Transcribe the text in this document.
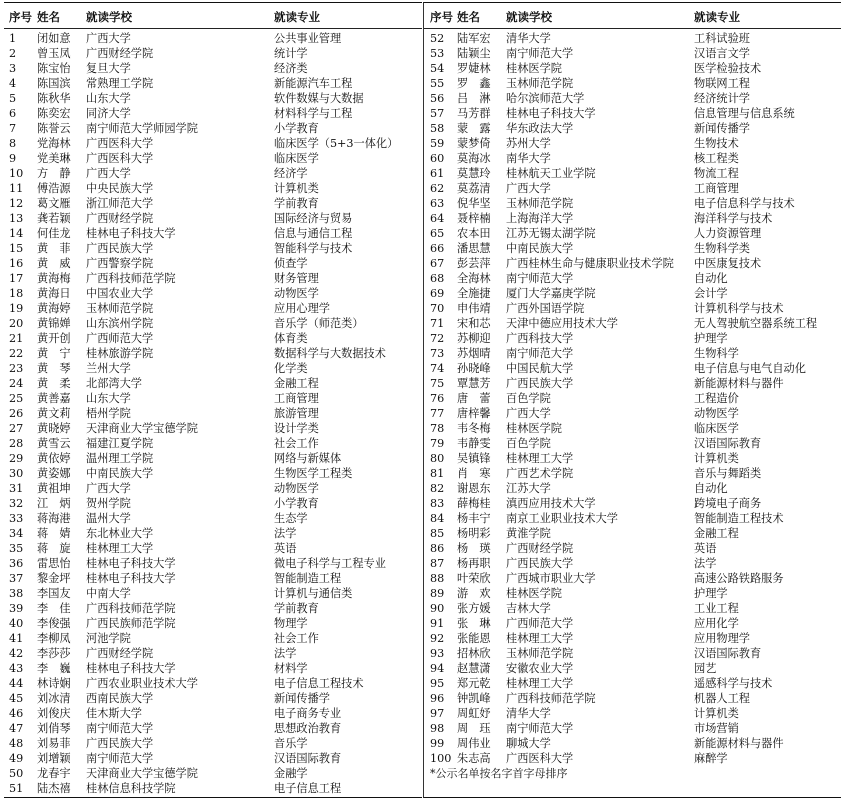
序号 姓名	就读学校	就读专业
1	闭如意	广西大学	公共事业管理
2	曾玉凤	广西财经学院	统计学
3	陈宝怡	复旦大学	经济类
4	陈国滨	常熟理工学院	新能源汽车工程
5	陈秋华	山东大学	软件数媒与大数据
6	陈奕宏	同济大学	材料科学与工程
7	陈誉云	南宁师范大学师园学院	小学教育
8	党海林	广西医科大学	临床医学（5+3一体化）
9	党美琳	广西医科大学	临床医学
10	方　静	广西大学	经济学
11	傅浩源	中央民族大学	计算机类
12	葛文雁	浙江师范大学	学前教育
13	龚若颖	广西财经学院	国际经济与贸易
14	何佳龙	桂林电子科技大学	信息与通信工程
15	黄　菲	广西民族大学	智能科学与技术
16	黄　威	广西警察学院	侦查学
17	黄海梅	广西科技师范学院	财务管理
18	黄海日	中国农业大学	动物医学
19	黄海婷	玉林师范学院	应用心理学
20	黄锦婵	山东滨州学院	音乐学（师范类）
21	黄开创	广西师范大学	体育类
22	黄　宁	桂林旅游学院	数据科学与大数据技术
23	黄　琴	兰州大学	化学类
24	黄　柔	北部湾大学	金融工程
25	黄善嘉	山东大学	工商管理
26	黄文莉	梧州学院	旅游管理
27	黄晓婷	天津商业大学宝德学院	设计学类
28	黄雪云	福建江夏学院	社会工作
29	黄依婷	温州理工学院	网络与新媒体
30	黄姿娜	中南民族大学	生物医学工程类
31	黄祖坤	广西大学	动物医学
32	江　炳	贺州学院	小学教育
33	蒋海港	温州大学	生态学
34	蒋　婧	东北林业大学	法学
35	蒋　旋	桂林理工大学	英语
36	雷思怡	桂林电子科技大学	微电子科学与工程专业
37	黎金坪	桂林电子科技大学	智能制造工程
38	李国友	中南大学	计算机与通信类
39	李　佳	广西科技师范学院	学前教育
40	李俊强	广西民族师范学院	物理学
41	李柳凤	河池学院	社会工作
42	李莎莎	广西财经学院	法学
43	李　巍	桂林电子科技大学	材料学
44	林诗娴	广西农业职业技术大学	电子信息工程技术
45	刘冰清	西南民族大学	新闻传播学
46	刘俊庆	佳木斯大学	电子商务专业
47	刘俏琴	南宁师范大学	思想政治教育
48	刘易菲	广西民族大学	音乐学
49	刘增颖	南宁师范大学	汉语国际教育
50	龙春宇	天津商业大学宝德学院	金融学
51	陆杰禧	桂林信息科技学院	电子信息工程
序号 姓名	就读学校	就读专业
52	陆军宏	清华大学	工科试验班
53	陆颖尘	南宁师范大学	汉语言文学
54	罗婕林	桂林医学院	医学检验技术
55	罗　鑫	玉林师范学院	物联网工程
56	吕　淋	哈尔滨师范大学	经济统计学
57	马芳群	桂林电子科技大学	信息管理与信息系统
58	蒙　露	华东政法大学	新闻传播学
59	蒙梦倚	苏州大学	生物技术
60	莫海冰	南华大学	核工程类
61	莫慧玲	桂林航天工业学院	物流工程
62	莫荔清	广西大学	工商管理
63	倪华坚	玉林师范学院	电子信息科学与技术
64	聂梓楠	上海海洋大学	海洋科学与技术
65	农本田	江苏无锡太湖学院	人力资源管理
66	潘思慧	中南民族大学	生物科学类
67	彭芸萍	广西桂林生命与健康职业技术学院	中医康复技术
68	全海林	南宁师范大学	自动化
69	全施捷	厦门大学嘉庚学院	会计学
70	申伟靖	广西外国语学院	计算机科学与技术
71	宋和芯	天津中德应用技术大学	无人驾驶航空器系统工程
72	苏柳迎	广西科技大学	护理学
73	苏烟晴	南宁师范大学	生物科学
74	孙晓峰	中国民航大学	电子信息与电气自动化
75	覃慧芳	广西民族大学	新能源材料与器件
76	唐　蕾	百色学院	工程造价
77	唐梓馨	广西大学	动物医学
78	韦冬梅	桂林医学院	临床医学
79	韦静雯	百色学院	汉语国际教育
80	吴镇锋	桂林理工大学	计算机类
81	肖　寒	广西艺术学院	音乐与舞蹈类
82	谢恩东	江苏大学	自动化
83	薛梅桂	滇西应用技术大学	跨境电子商务
84	杨丰宁	南京工业职业技术大学	智能制造工程技术
85	杨明彩	黄淮学院	金融工程
86	杨　瑛	广西财经学院	英语
87	杨再职	广西民族大学	法学
88	叶荣欣	广西城市职业大学	高速公路铁路服务
89	游　欢	桂林医学院	护理学
90	张方媛	吉林大学	工业工程
91	张　琳	广西师范大学	应用化学
92	张能恩	桂林理工大学	应用物理学
93	招林欣	玉林师范学院	汉语国际教育
94	赵慧潇	安徽农业大学	园艺
95	郑元乾	桂林理工大学	遥感科学与技术
96	钟凯峰	广西科技师范学院	机器人工程
97	周虹妤	清华大学	计算机类
98	周　珏	南宁师范大学	市场营销
99	周伟业	聊城大学	新能源材料与器件
100 朱志高	广西医科大学	麻醉学
*公示名单按名字首字母排序
